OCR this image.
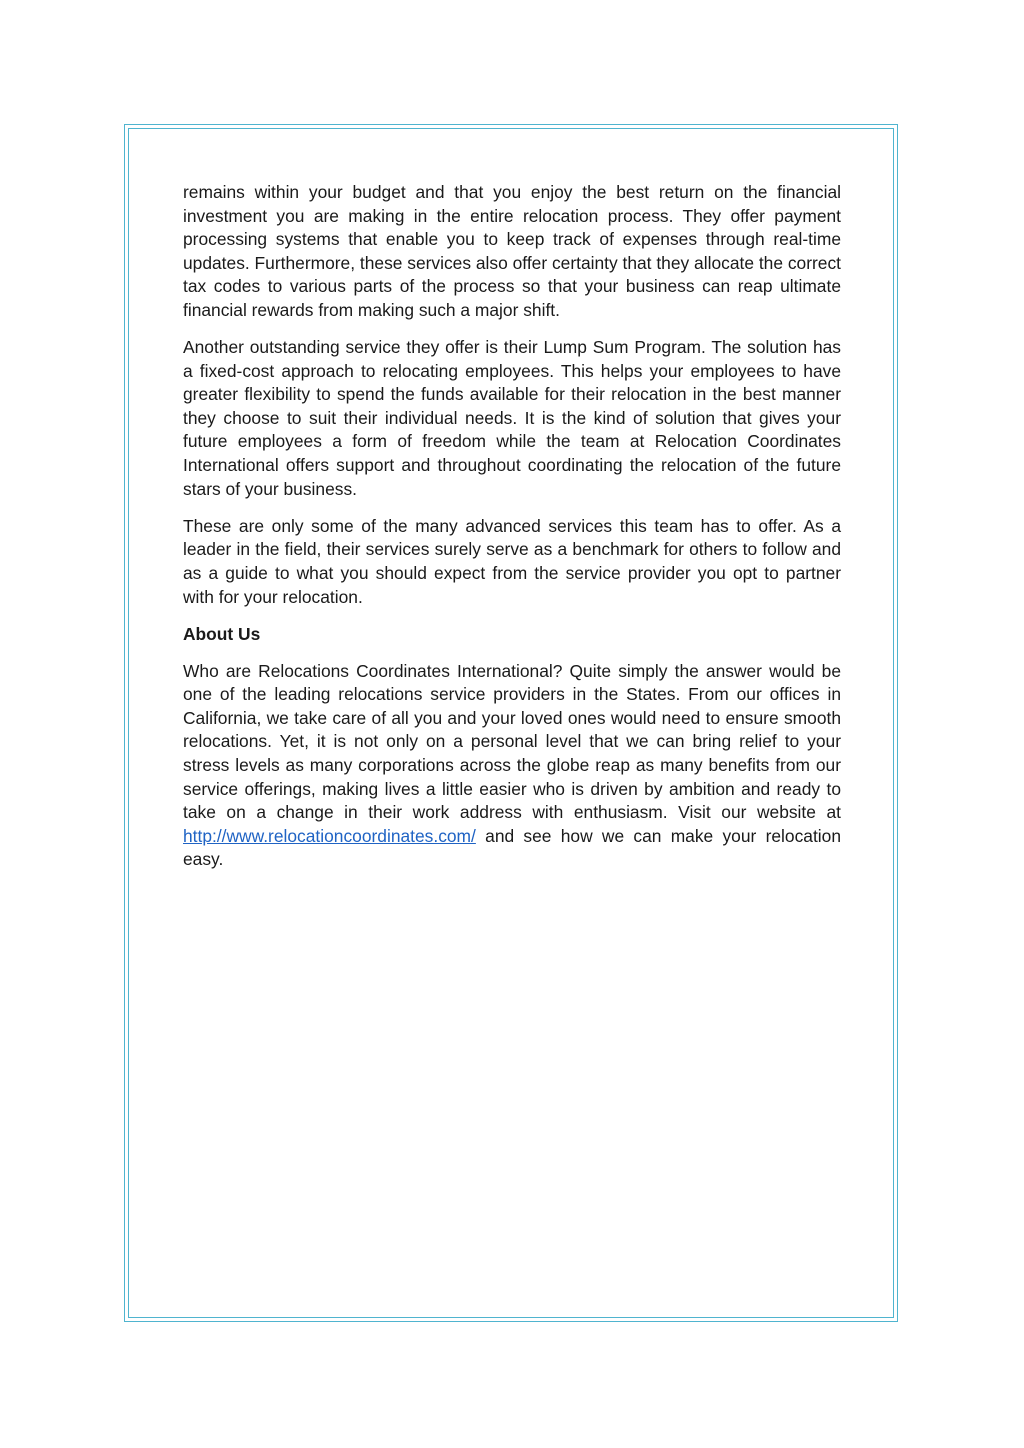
remains within your budget and that you enjoy the best return on the financial investment you are making in the entire relocation process. They offer payment processing systems that enable you to keep track of expenses through real-time updates. Furthermore, these services also offer certainty that they allocate the correct tax codes to various parts of the process so that your business can reap ultimate financial rewards from making such a major shift.

Another outstanding service they offer is their Lump Sum Program. The solution has a fixed-cost approach to relocating employees. This helps your employees to have greater flexibility to spend the funds available for their relocation in the best manner they choose to suit their individual needs. It is the kind of solution that gives your future employees a form of freedom while the team at Relocation Coordinates International offers support and throughout coordinating the relocation of the future stars of your business.

These are only some of the many advanced services this team has to offer. As a leader in the field, their services surely serve as a benchmark for others to follow and as a guide to what you should expect from the service provider you opt to partner with for your relocation.

About Us

Who are Relocations Coordinates International? Quite simply the answer would be one of the leading relocations service providers in the States. From our offices in California, we take care of all you and your loved ones would need to ensure smooth relocations. Yet, it is not only on a personal level that we can bring relief to your stress levels as many corporations across the globe reap as many benefits from our service offerings, making lives a little easier who is driven by ambition and ready to take on a change in their work address with enthusiasm. Visit our website at http://www.relocationcoordinates.com/ and see how we can make your relocation easy.
